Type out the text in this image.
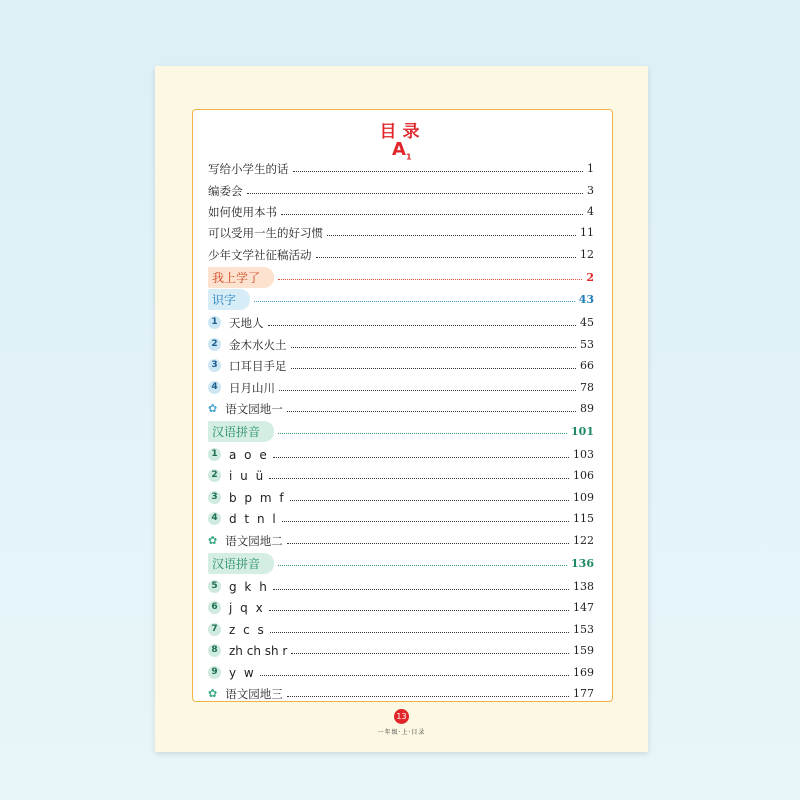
目录
$A_1$
写给小学生的话	1
编委会	3
如何使用本书	4
可以受用一生的好习惯	11
少年文学社征稿活动	12
我上学了	2
识字	43
1 天地人	45
2 金木水火土	53
3 口耳目手足	66
4 日月山川	78
✿ 语文园地一	89
汉语拼音	101
1 a o e	103
2 i u ü	106
3 b p m f	109
4 d t n l	115
✿ 语文园地二	122
汉语拼音	136
5 g k h	138
6 j q x	147
7 z c s	153
8 zh ch sh r	159
9 y w	169
✿ 语文园地三	177
13
一年级·上·目录
